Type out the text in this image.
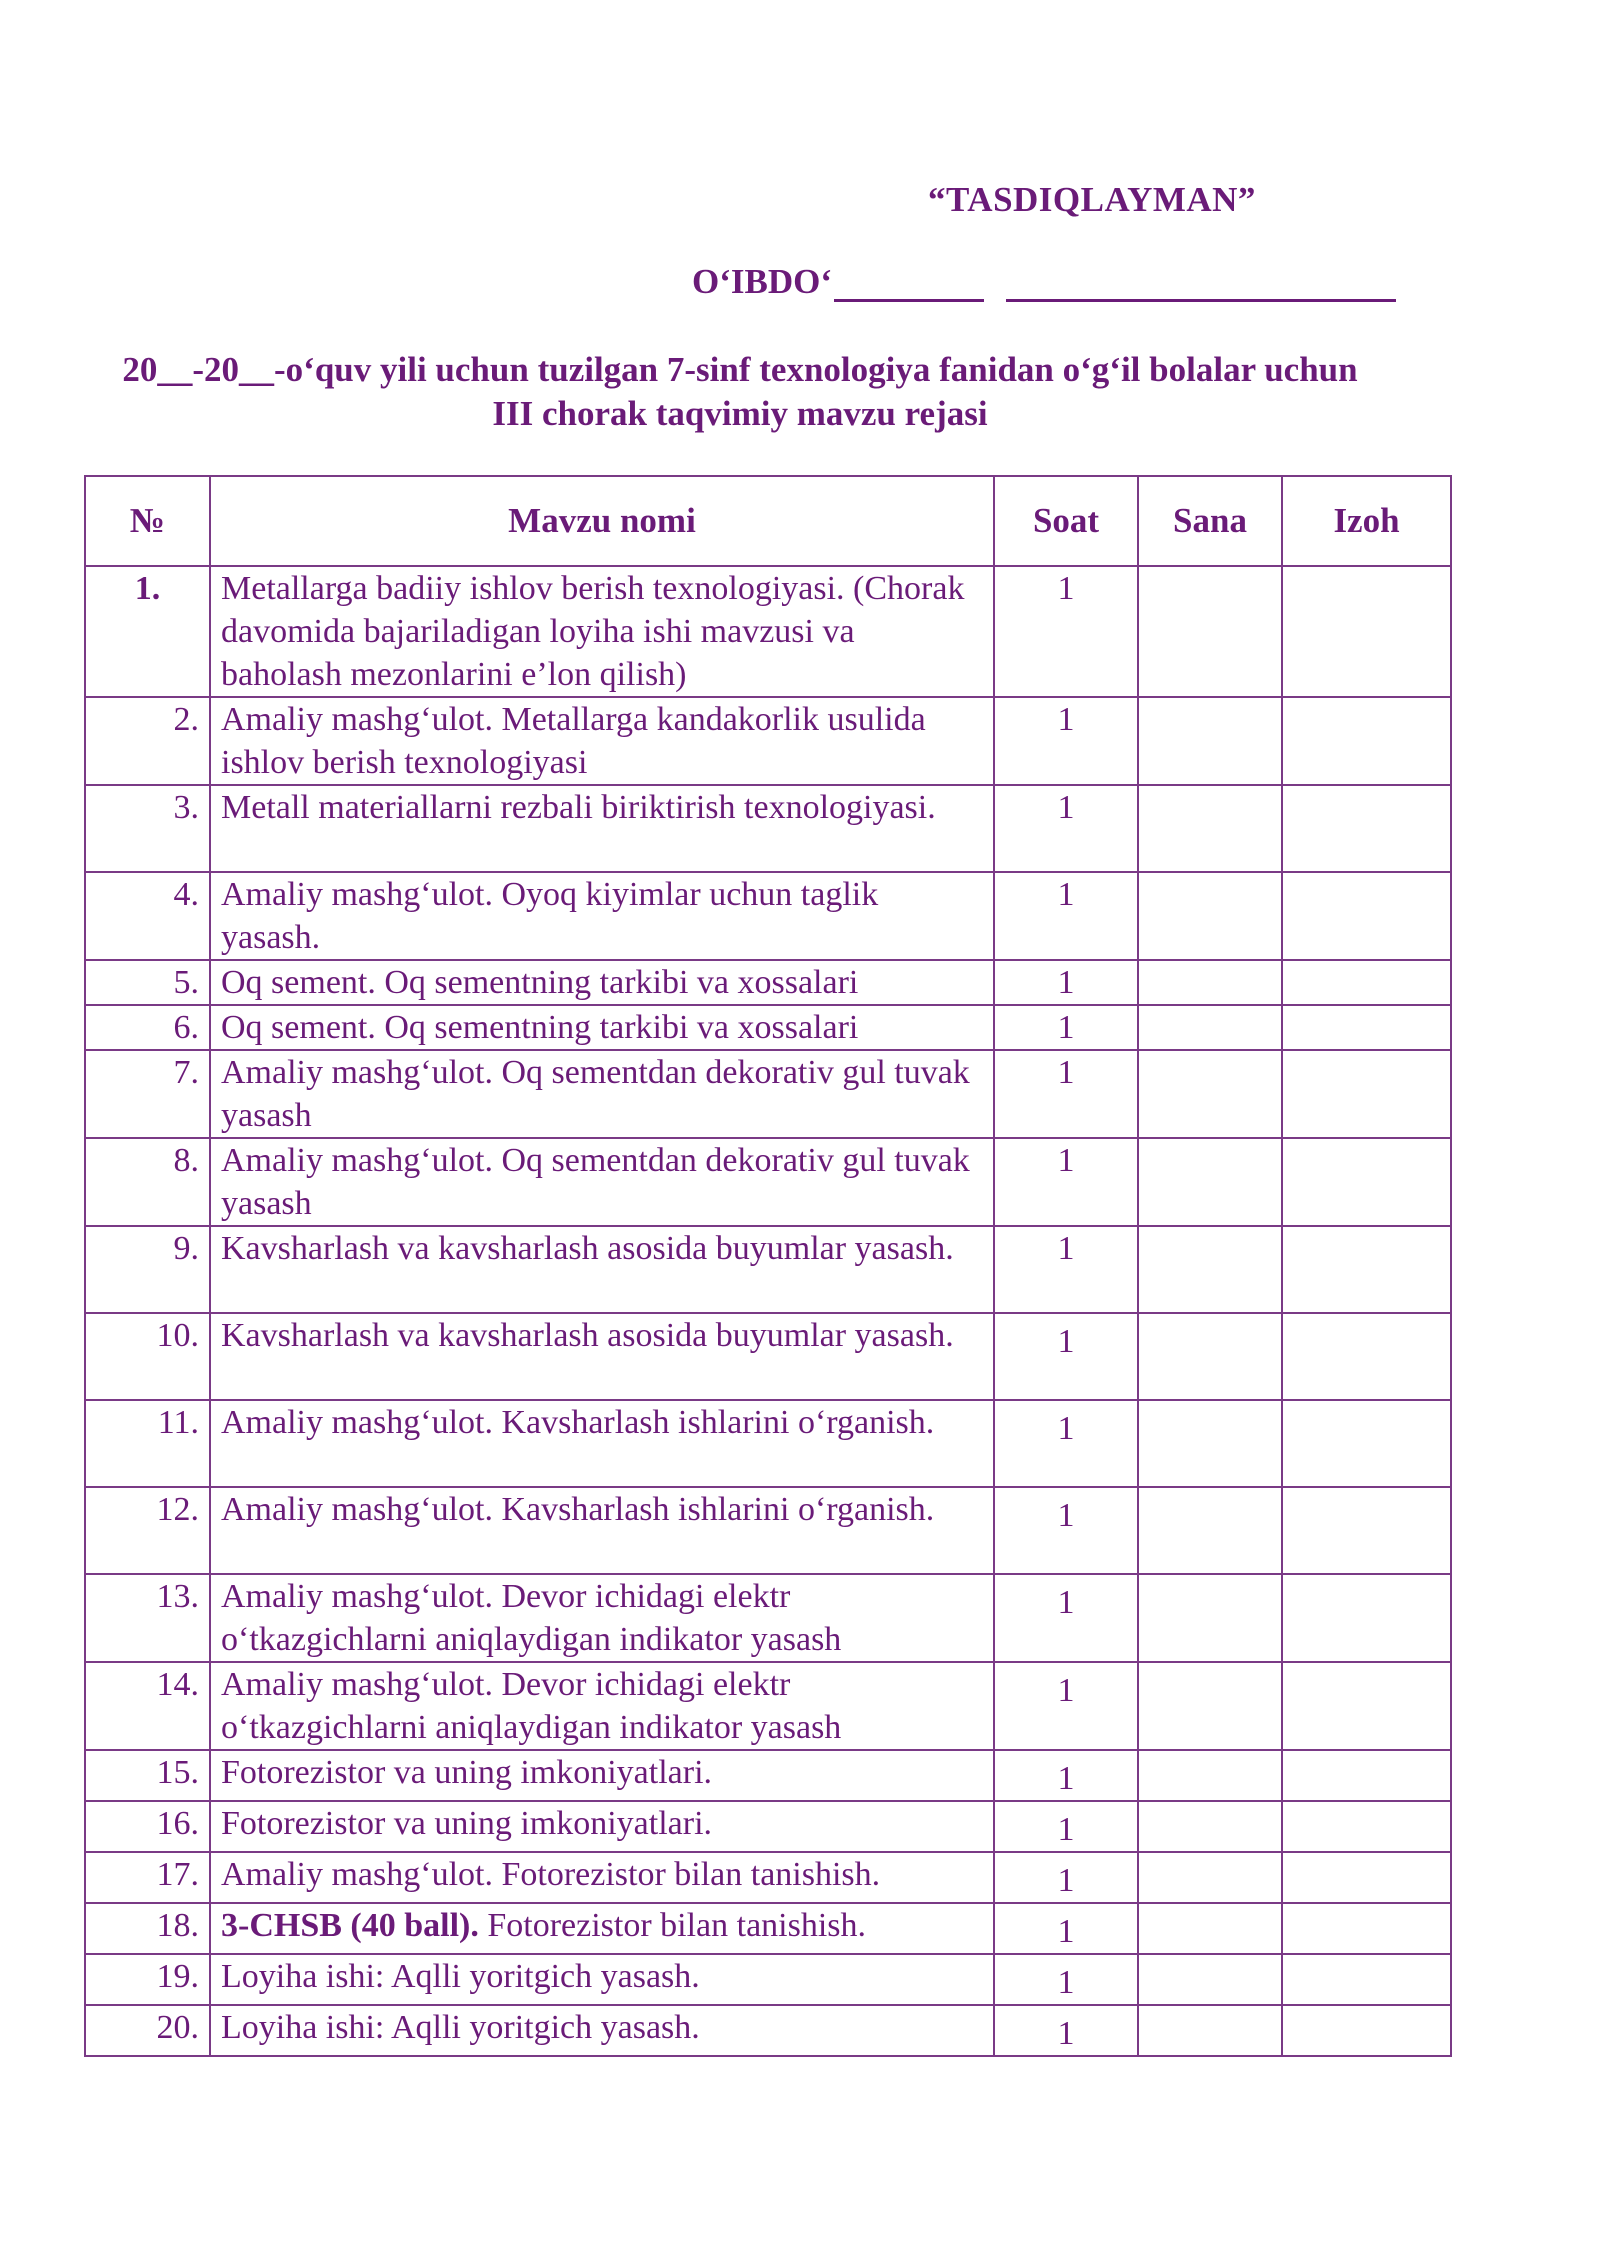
“TASDIQLAYMAN”
O‘IBDO‘
20__-20__-o‘quv yili uchun tuzilgan 7-sinf texnologiya fanidan o‘g‘il bolalar uchun
III chorak taqvimiy mavzu rejasi
№	Mavzu nomi	Soat	Sana	Izoh
1.	Metallarga badiiy ishlov berish texnologiyasi. (Chorak davomida bajariladigan loyiha ishi mavzusi va baholash mezonlarini e’lon qilish)	1		
2.	Amaliy mashg‘ulot. Metallarga kandakorlik usulida ishlov berish texnologiyasi	1		
3.	Metall materiallarni rezbali biriktirish texnologiyasi.	1		
4.	Amaliy mashg‘ulot. Oyoq kiyimlar uchun taglik yasash.	1		
5.	Oq sement. Oq sementning tarkibi va xossalari	1		
6.	Oq sement. Oq sementning tarkibi va xossalari	1		
7.	Amaliy mashg‘ulot. Oq sementdan dekorativ gul tuvak yasash	1		
8.	Amaliy mashg‘ulot. Oq sementdan dekorativ gul tuvak yasash	1		
9.	Kavsharlash va kavsharlash asosida buyumlar yasash.	1		
10.	Kavsharlash va kavsharlash asosida buyumlar yasash.	1		
11.	Amaliy mashg‘ulot. Kavsharlash ishlarini o‘rganish.	1		
12.	Amaliy mashg‘ulot. Kavsharlash ishlarini o‘rganish.	1		
13.	Amaliy mashg‘ulot. Devor ichidagi elektr o‘tkazgichlarni aniqlaydigan indikator yasash	1		
14.	Amaliy mashg‘ulot. Devor ichidagi elektr o‘tkazgichlarni aniqlaydigan indikator yasash	1		
15.	Fotorezistor va uning imkoniyatlari.	1		
16.	Fotorezistor va uning imkoniyatlari.	1		
17.	Amaliy mashg‘ulot. Fotorezistor bilan tanishish.	1		
18.	3-CHSB (40 ball). Fotorezistor bilan tanishish.	1		
19.	Loyiha ishi: Aqlli yoritgich yasash.	1		
20.	Loyiha ishi: Aqlli yoritgich yasash.	1		
